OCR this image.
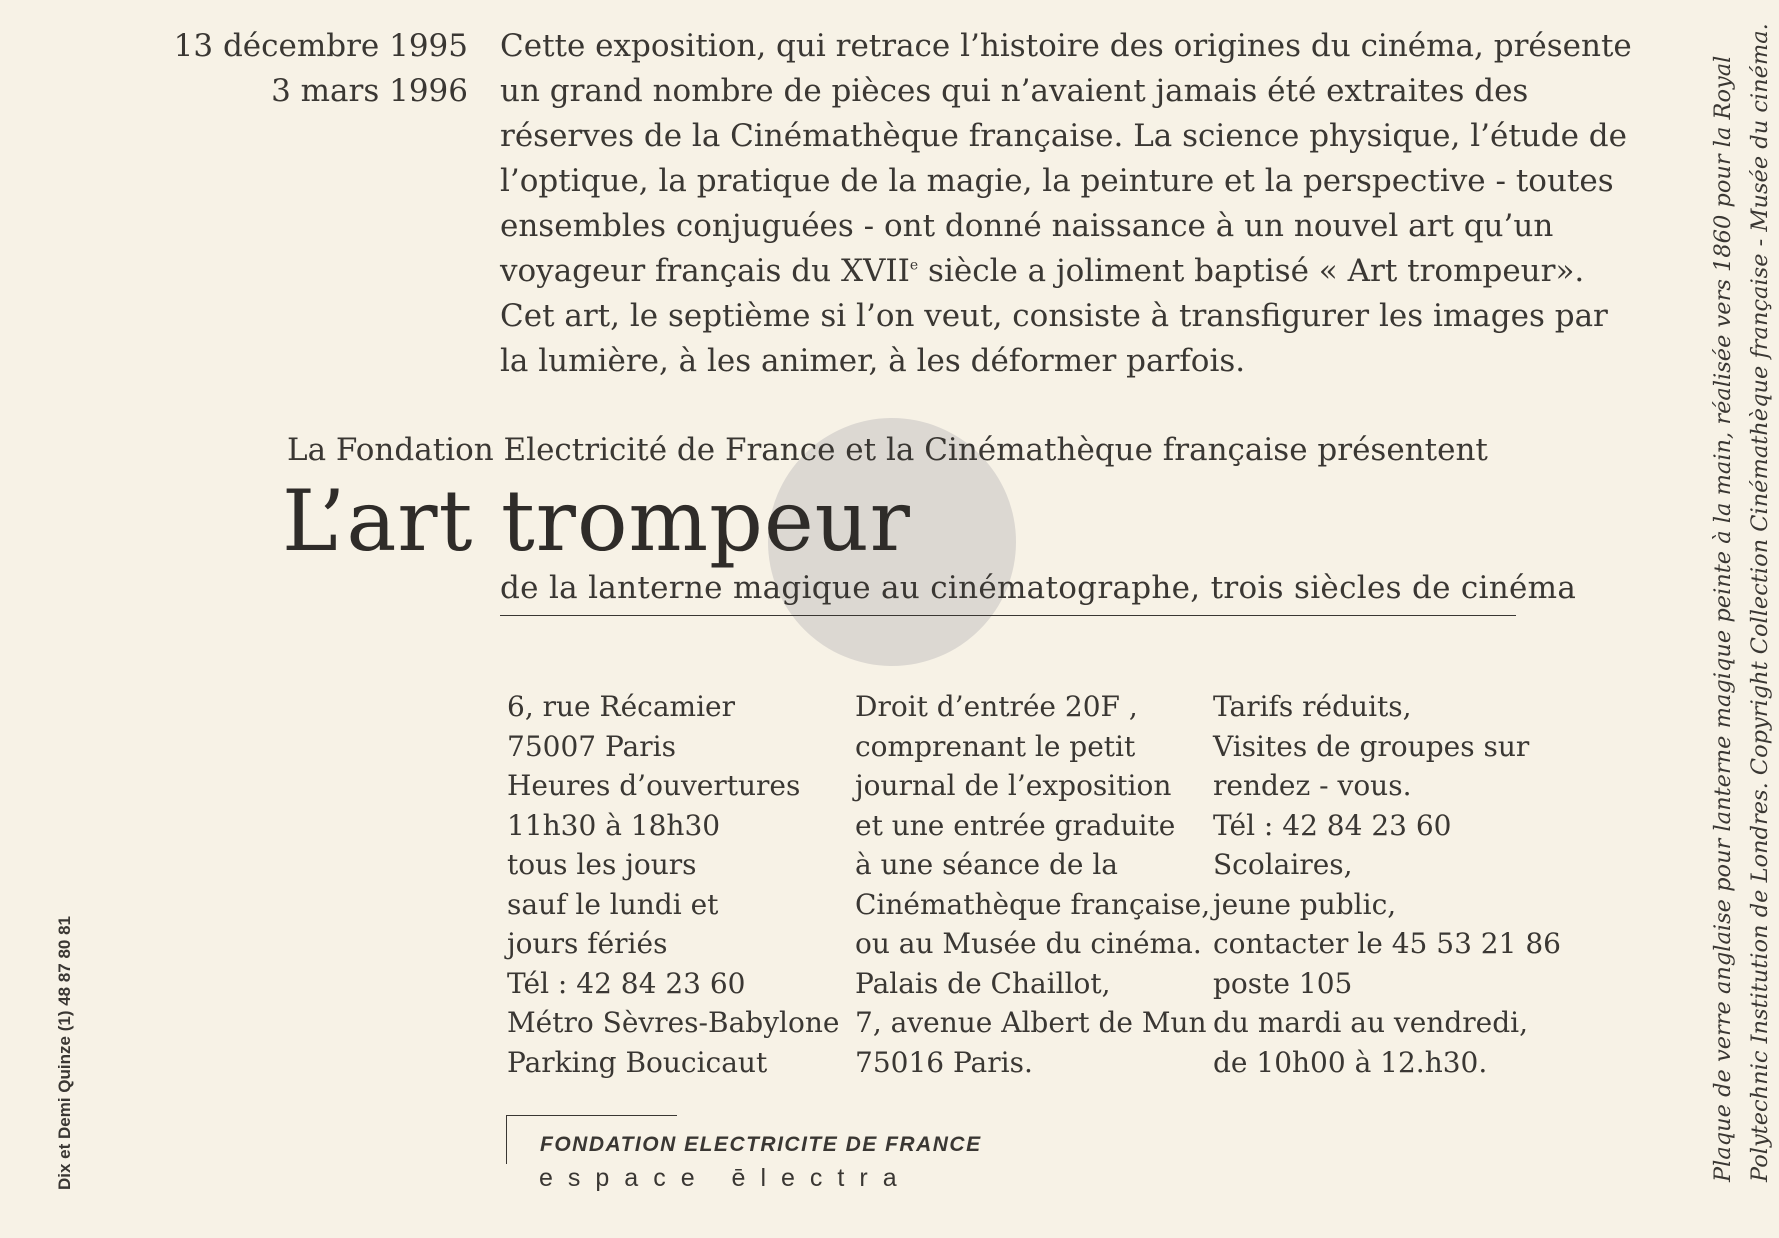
13 décembre 1995
3 mars 1996
Cette exposition, qui retrace l’histoire des origines du cinéma, présente
un grand nombre de pièces qui n’avaient jamais été extraites des
réserves de la Cinémathèque française. La science physique, l’étude de
l’optique, la pratique de la magie, la peinture et la perspective - toutes
ensembles conjuguées - ont donné naissance à un nouvel art qu’un
voyageur français du XVIIe siècle a joliment baptisé « Art trompeur».
Cet art, le septième si l’on veut, consiste à transfigurer les images par
la lumière, à les animer, à les déformer parfois.
La Fondation Electricité de France et la Cinémathèque française présentent
L’art trompeur
de la lanterne magique au cinématographe, trois siècles de cinéma
6, rue Récamier
75007 Paris
Heures d’ouvertures
11h30 à 18h30
tous les jours
sauf le lundi et
jours fériés
Tél : 42 84 23 60
Métro Sèvres-Babylone
Parking Boucicaut
Droit d’entrée 20F ,
comprenant le petit
journal de l’exposition
et une entrée graduite
à une séance de la
Cinémathèque française,
ou au Musée du cinéma.
Palais de Chaillot,
7, avenue Albert de Mun
75016 Paris.
Tarifs réduits,
Visites de groupes sur
rendez - vous.
Tél : 42 84 23 60
Scolaires,
jeune public,
contacter le 45 53 21 86
poste 105
du mardi au vendredi,
de 10h00 à 12.h30.
FONDATION ELECTRICITE DE FRANCE
espace ēlectra
Dix et Demi Quinze (1) 48 87 80 81	Plaque de verre anglaise pour lanterne magique peinte à la main, réalisée vers 1860 pour la Royal Polytechnic Institution de Londres. Copyright Collection Cinémathèque française - Musée du cinéma.
